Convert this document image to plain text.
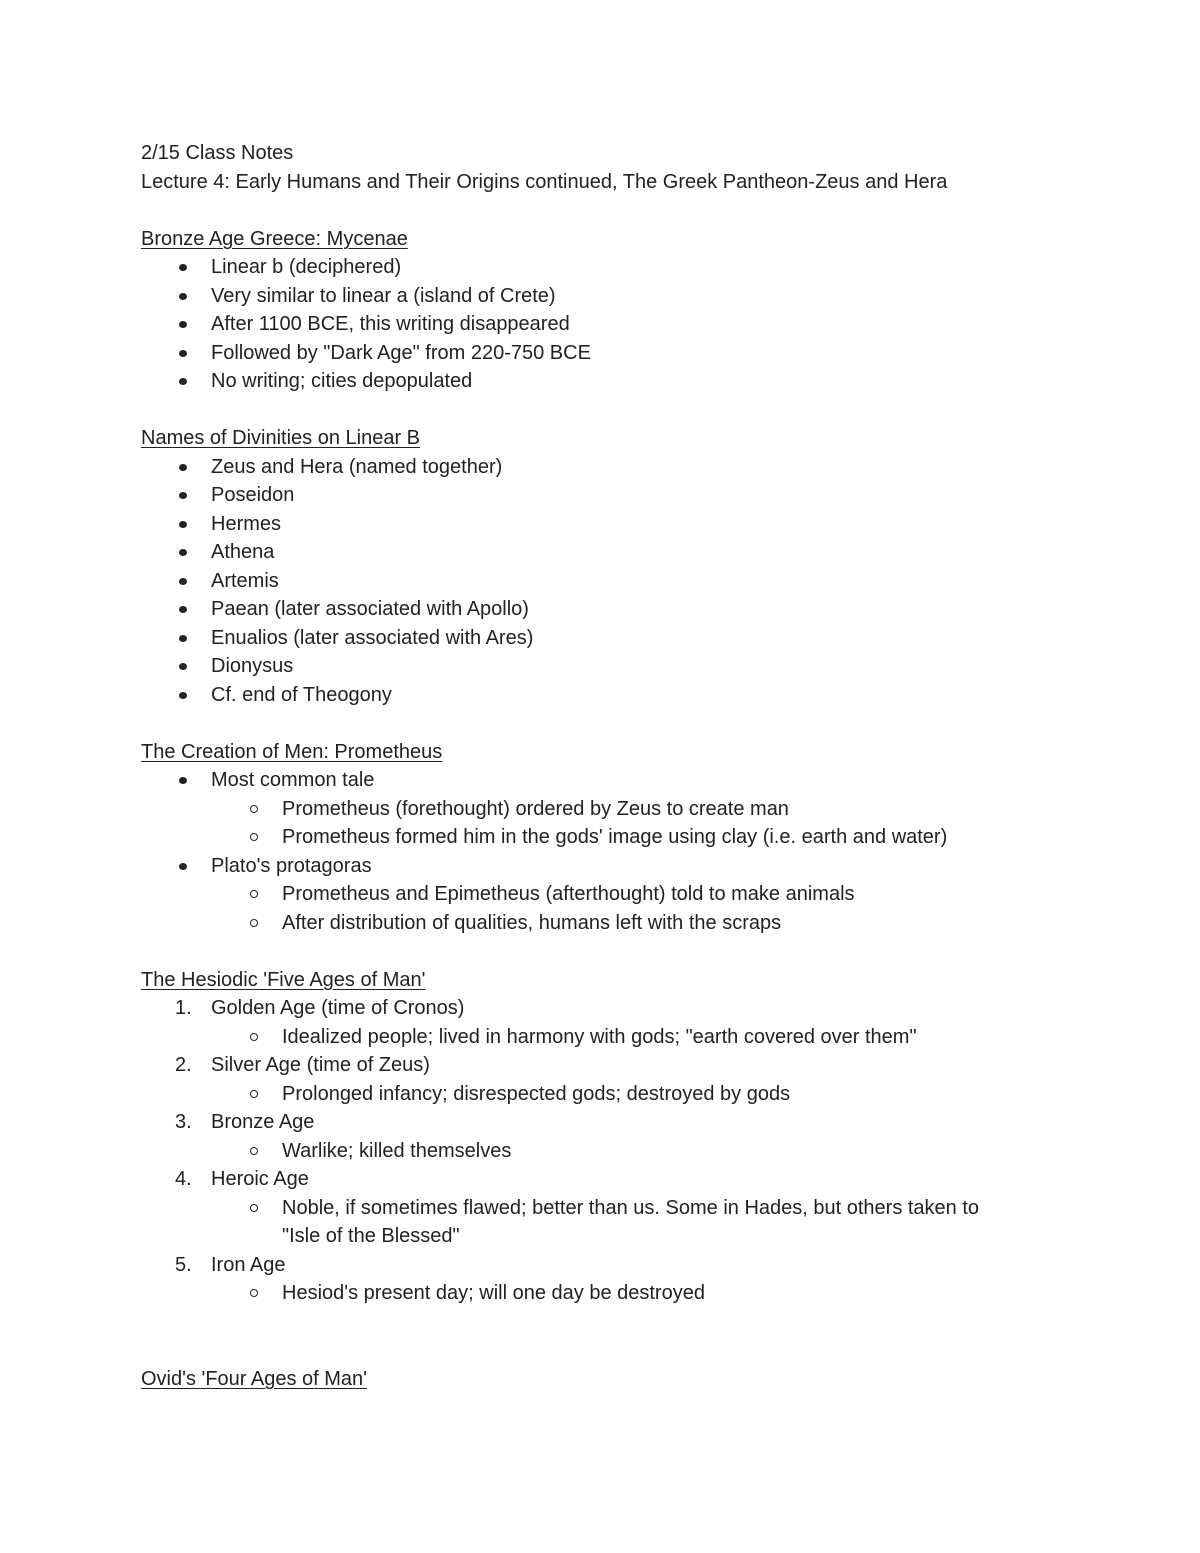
2/15 Class Notes
Lecture 4: Early Humans and Their Origins continued, The Greek Pantheon-Zeus and Hera
Bronze Age Greece: Mycenae
Linear b (deciphered)
Very similar to linear a (island of Crete)
After 1100 BCE, this writing disappeared
Followed by "Dark Age" from 220-750 BCE
No writing; cities depopulated
Names of Divinities on Linear B
Zeus and Hera (named together)
Poseidon
Hermes
Athena
Artemis
Paean (later associated with Apollo)
Enualios (later associated with Ares)
Dionysus
Cf. end of Theogony
The Creation of Men: Prometheus
Most common tale
Prometheus (forethought) ordered by Zeus to create man
Prometheus formed him in the gods' image using clay (i.e. earth and water)
Plato's protagoras
Prometheus and Epimetheus (afterthought) told to make animals
After distribution of qualities, humans left with the scraps
The Hesiodic 'Five Ages of Man'
1. Golden Age (time of Cronos)
Idealized people; lived in harmony with gods; "earth covered over them"
2. Silver Age (time of Zeus)
Prolonged infancy; disrespected gods; destroyed by gods
3. Bronze Age
Warlike; killed themselves
4. Heroic Age
Noble, if sometimes flawed; better than us. Some in Hades, but others taken to
"Isle of the Blessed"
5. Iron Age
Hesiod's present day; will one day be destroyed
Ovid's 'Four Ages of Man'
